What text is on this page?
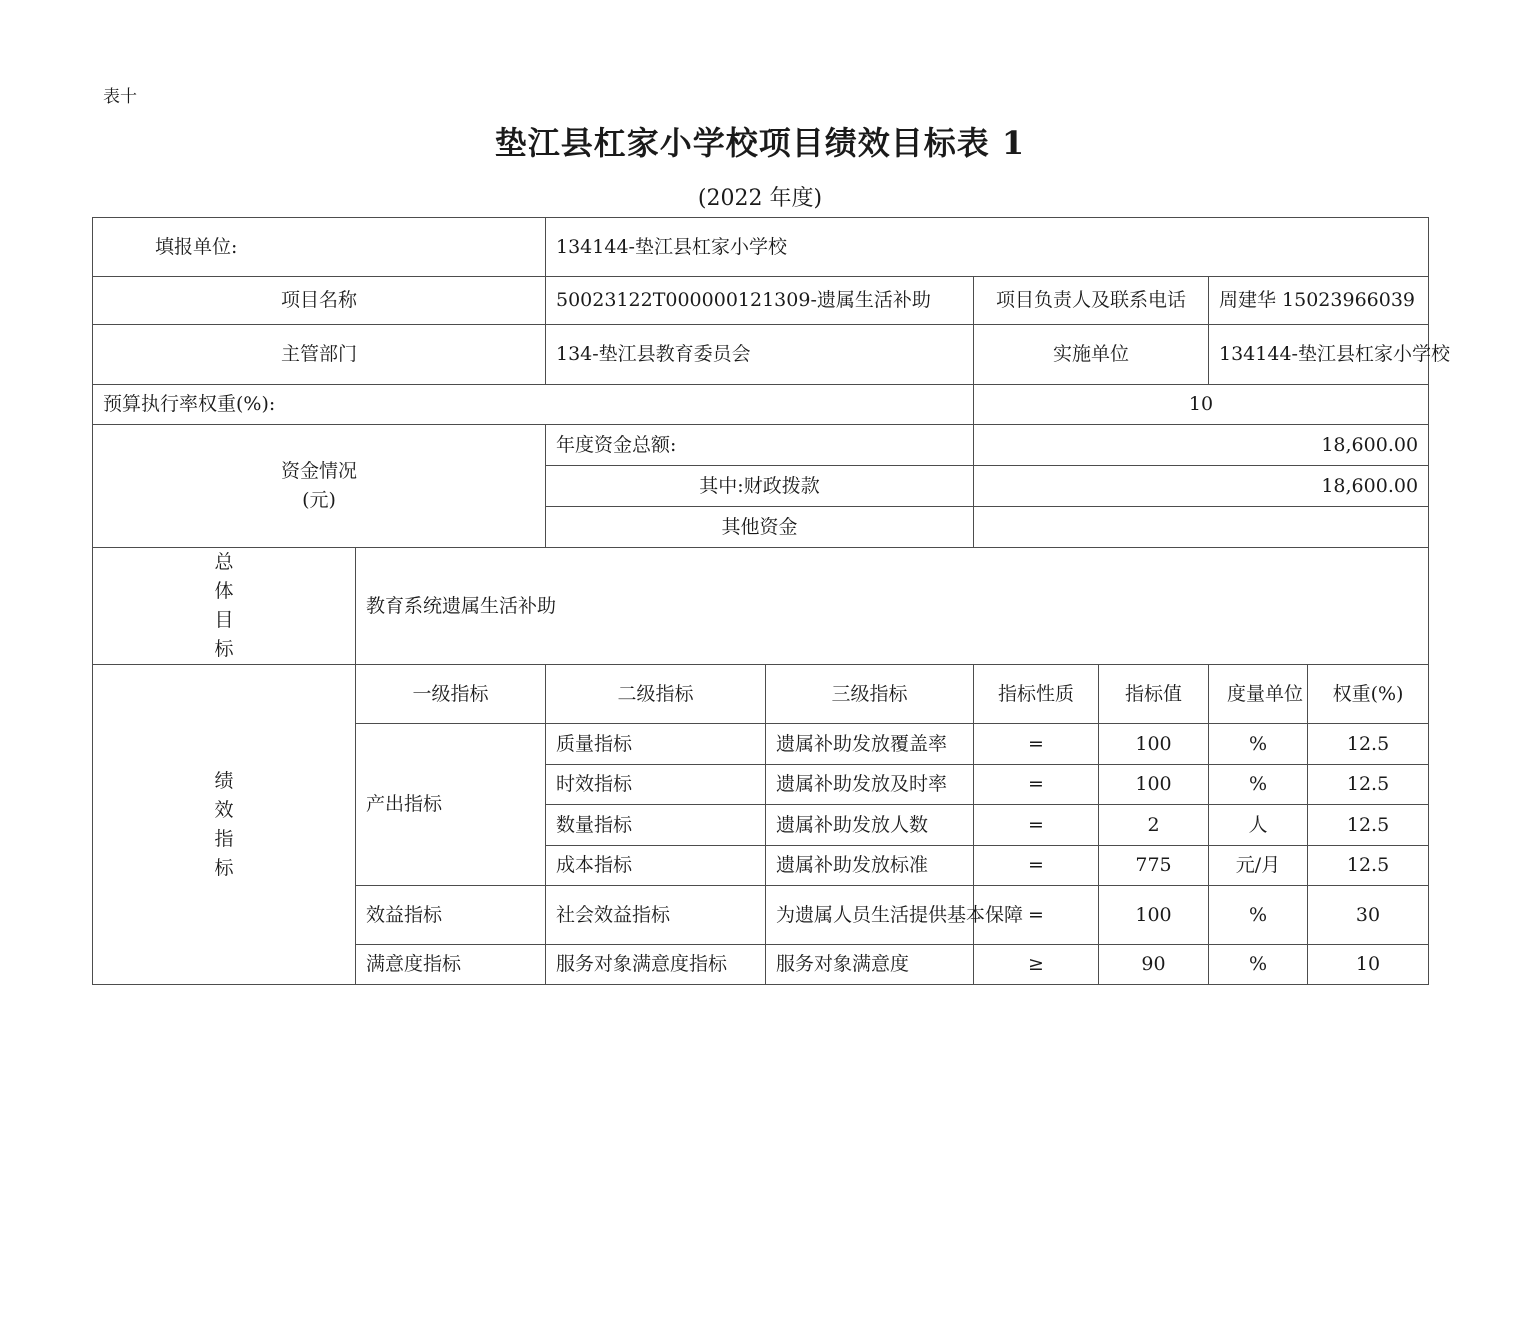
表十
垫江县杠家小学校项目绩效目标表 1
(2022 年度)
填报单位:		134144-垫江县杠家小学校					
项目名称		50023122T000000121309-遗属生活补助		项目负责人及联系电话		周建华 15023966039	
主管部门		134-垫江县教育委员会		实施单位		134144-垫江县杠家小学校	
预算执行率权重(%):				10			
资金情况
(元)		年度资金总额:		18,600.00			
		其中:财政拨款		18,600.00			
		其他资金					
总
体
目
标	教育系统遗属生活补助						
绩
效
指
标	一级指标	二级指标	三级指标	指标性质	指标值	度量单位	权重(%)
	产出指标	质量指标	遗属补助发放覆盖率	=	100	%	12.5
		时效指标	遗属补助发放及时率	=	100	%	12.5
		数量指标	遗属补助发放人数	=	2	人	12.5
		成本指标	遗属补助发放标准	=	775	元/月	12.5
	效益指标	社会效益指标	为遗属人员生活提供基本保障	=	100	%	30
	满意度指标	服务对象满意度指标	服务对象满意度	≥	90	%	10
